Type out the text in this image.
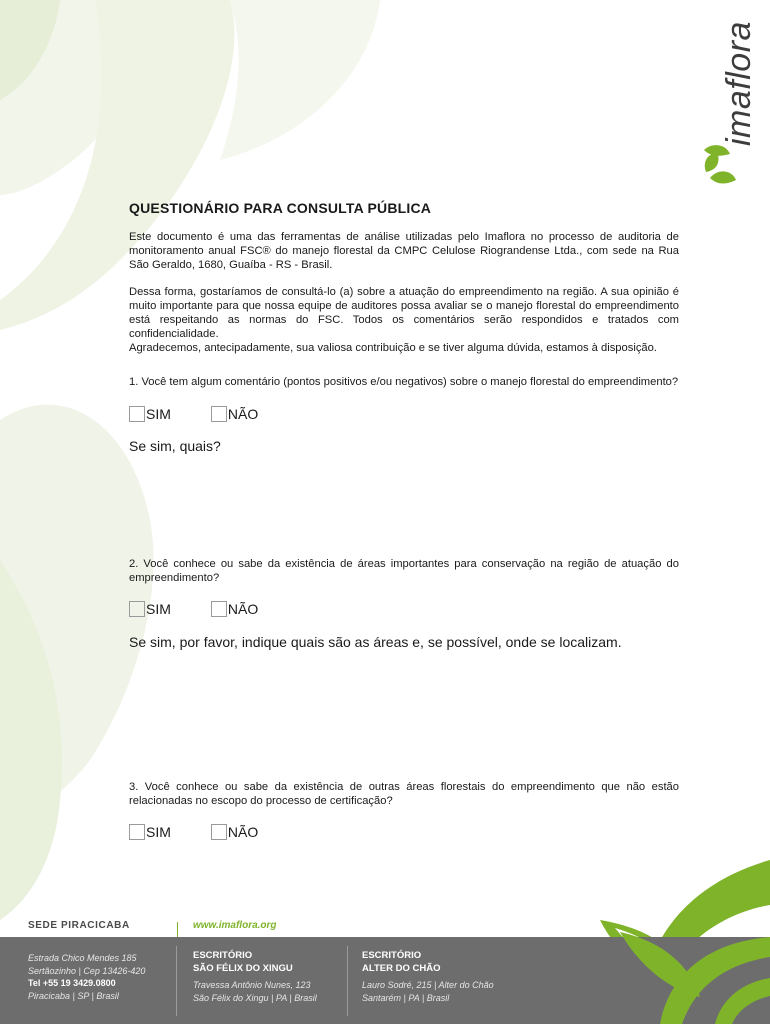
imaflora
QUESTIONÁRIO PARA CONSULTA PÚBLICA

Este documento é uma das ferramentas de análise utilizadas pelo Imaflora no processo de auditoria de monitoramento anual FSC® do manejo florestal da CMPC Celulose Riograndense Ltda., com sede na Rua São Geraldo, 1680, Guaíba - RS - Brasil.

Dessa forma, gostaríamos de consultá-lo (a) sobre a atuação do empreendimento na região. A sua opinião é muito importante para que nossa equipe de auditores possa avaliar se o manejo florestal do empreendimento está respeitando as normas do FSC. Todos os comentários serão respondidos e tratados com confidencialidade.

Agradecemos, antecipadamente, sua valiosa contribuição e se tiver alguma dúvida, estamos à disposição.

1. Você tem algum comentário (pontos positivos e/ou negativos) sobre o manejo florestal do empreendimento?

SIM	NÃO

Se sim, quais?

2. Você conhece ou sabe da existência de áreas importantes para conservação na região de atuação do empreendimento?

SIM	NÃO

Se sim, por favor, indique quais são as áreas e, se possível, onde se localizam.

3. Você conhece ou sabe da existência de outras áreas florestais do empreendimento que não estão relacionadas no escopo do processo de certificação?

SIM	NÃO
SEDE PIRACICABA	www.imaflora.org
Estrada Chico Mendes 185
Sertãozinho | Cep 13426-420
Tel +55 19 3429.0800
Piracicaba | SP | Brasil
ESCRITÓRIO
SÃO FÉLIX DO XINGU
Travessa Antônio Nunes, 123
São Félix do Xingu | PA | Brasil
ESCRITÓRIO
ALTER DO CHÃO
Lauro Sodré, 215 | Alter do Chão
Santarém | PA | Brasil
